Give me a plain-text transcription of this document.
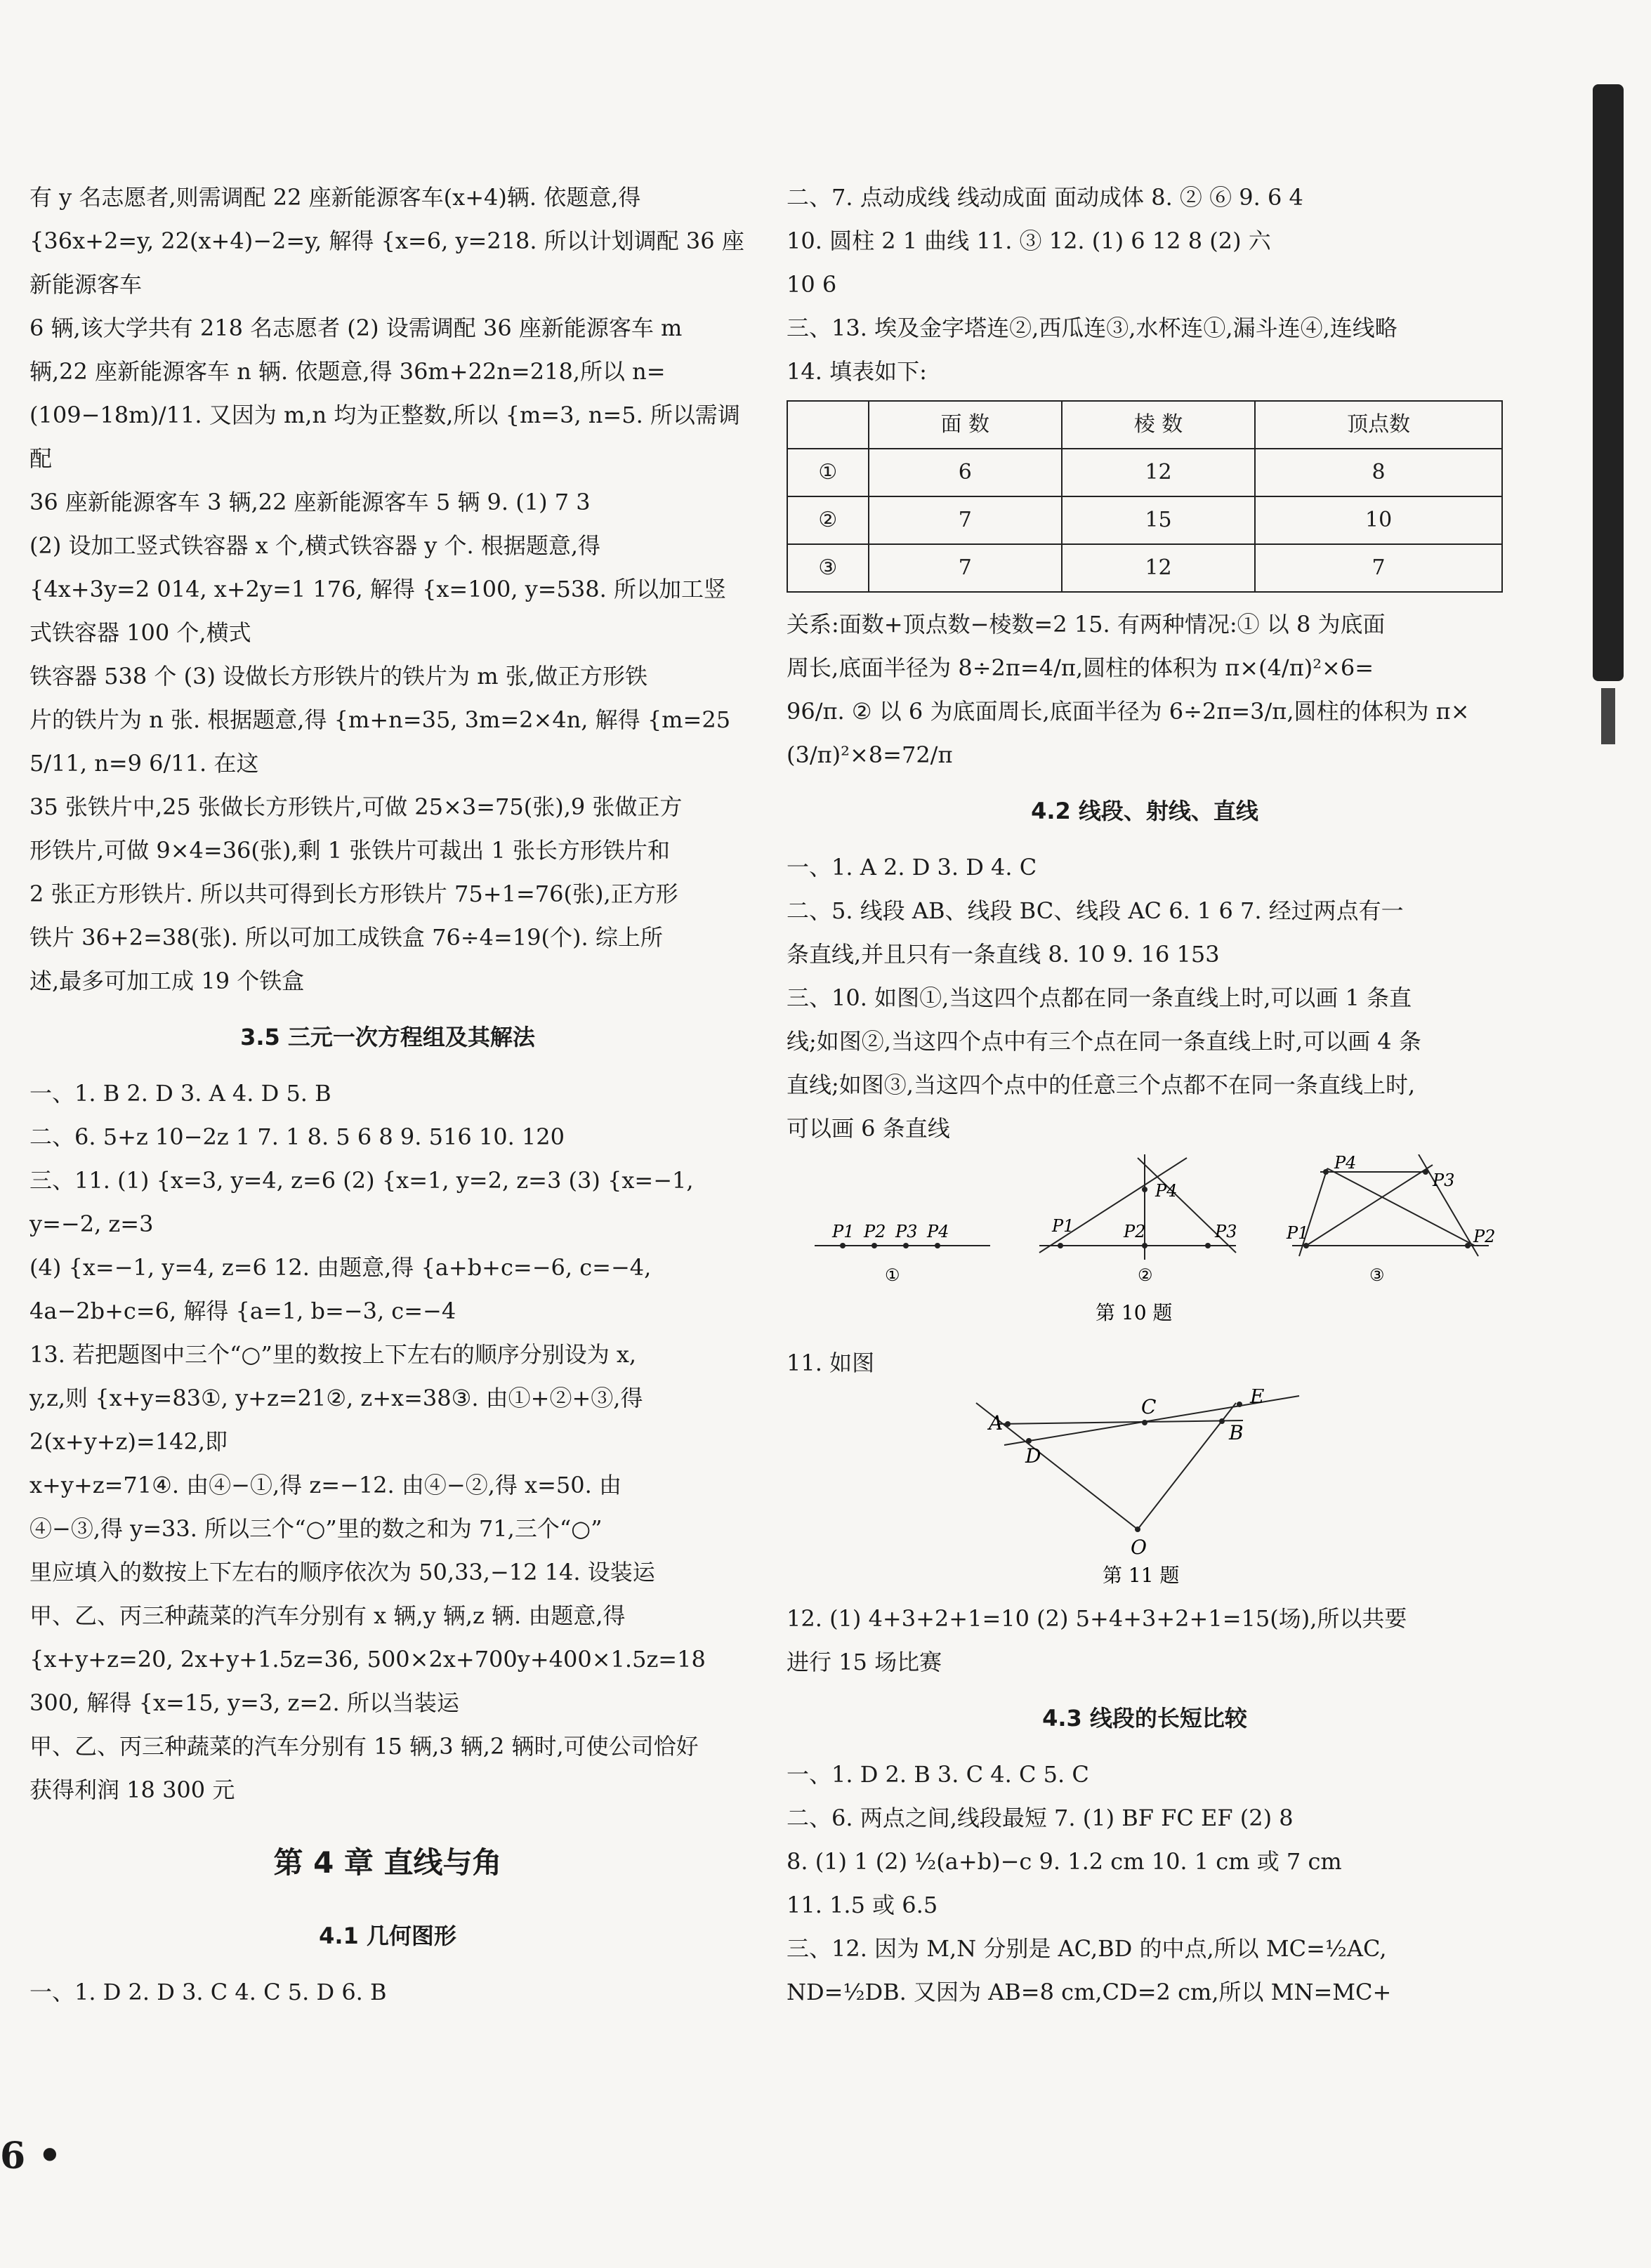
有 y 名志愿者,则需调配 22 座新能源客车(x+4)辆. 依题意,得

{36x+2=y, 22(x+4)−2=y, 解得 {x=6, y=218. 所以计划调配 36 座新能源客车

6 辆,该大学共有 218 名志愿者 (2) 设需调配 36 座新能源客车 m

辆,22 座新能源客车 n 辆. 依题意,得 36m+22n=218,所以 n=

(109−18m)/11. 又因为 m,n 均为正整数,所以 {m=3, n=5. 所以需调配

36 座新能源客车 3 辆,22 座新能源客车 5 辆 9. (1) 7 3

(2) 设加工竖式铁容器 x 个,横式铁容器 y 个. 根据题意,得

{4x+3y=2 014, x+2y=1 176, 解得 {x=100, y=538. 所以加工竖式铁容器 100 个,横式

铁容器 538 个 (3) 设做长方形铁片的铁片为 m 张,做正方形铁

片的铁片为 n 张. 根据题意,得 {m+n=35, 3m=2×4n, 解得 {m=25 5/11, n=9 6/11. 在这

35 张铁片中,25 张做长方形铁片,可做 25×3=75(张),9 张做正方

形铁片,可做 9×4=36(张),剩 1 张铁片可裁出 1 张长方形铁片和

2 张正方形铁片. 所以共可得到长方形铁片 75+1=76(张),正方形

铁片 36+2=38(张). 所以可加工成铁盒 76÷4=19(个). 综上所

述,最多可加工成 19 个铁盒

3.5 三元一次方程组及其解法

一、1. B 2. D 3. A 4. D 5. B

二、6. 5+z 10−2z 1 7. 1 8. 5 6 8 9. 516 10. 120

三、11. (1) {x=3, y=4, z=6 (2) {x=1, y=2, z=3 (3) {x=−1, y=−2, z=3

(4) {x=−1, y=4, z=6 12. 由题意,得 {a+b+c=−6, c=−4, 4a−2b+c=6, 解得 {a=1, b=−3, c=−4

13. 若把题图中三个“○”里的数按上下左右的顺序分别设为 x,

y,z,则 {x+y=83①, y+z=21②, z+x=38③. 由①+②+③,得 2(x+y+z)=142,即

x+y+z=71④. 由④−①,得 z=−12. 由④−②,得 x=50. 由

④−③,得 y=33. 所以三个“○”里的数之和为 71,三个“○”

里应填入的数按上下左右的顺序依次为 50,33,−12 14. 设装运

甲、乙、丙三种蔬菜的汽车分别有 x 辆,y 辆,z 辆. 由题意,得

{x+y+z=20, 2x+y+1.5z=36, 500×2x+700y+400×1.5z=18 300, 解得 {x=15, y=3, z=2. 所以当装运

甲、乙、丙三种蔬菜的汽车分别有 15 辆,3 辆,2 辆时,可使公司恰好

获得利润 18 300 元

第 4 章 直线与角

4.1 几何图形

一、1. D 2. D 3. C 4. C 5. D 6. B

二、7. 点动成线 线动成面 面动成体 8. ② ⑥ 9. 6 4

10. 圆柱 2 1 曲线 11. ③ 12. (1) 6 12 8 (2) 六

10 6

三、13. 埃及金字塔连②,西瓜连③,水杯连①,漏斗连④,连线略

14. 填表如下:

	面 数	棱 数	顶点数
①	6	12	8
②	7	15	10
③	7	12	7

关系:面数+顶点数−棱数=2 15. 有两种情况:① 以 8 为底面

周长,底面半径为 8÷2π=4/π,圆柱的体积为 π×(4/π)²×6=

96/π. ② 以 6 为底面周长,底面半径为 6÷2π=3/π,圆柱的体积为 π×

(3/π)²×8=72/π

4.2 线段、射线、直线

一、1. A 2. D 3. D 4. C

二、5. 线段 AB、线段 BC、线段 AC 6. 1 6 7. 经过两点有一

条直线,并且只有一条直线 8. 10 9. 16 153

三、10. 如图①,当这四个点都在同一条直线上时,可以画 1 条直

线;如图②,当这四个点中有三个点在同一条直线上时,可以画 4 条

直线;如图③,当这四个点中的任意三个点都不在同一条直线上时,

可以画 6 条直线

P1 P2 P3 P4
①
P1	P2	P3
P4
②
P1	P2
P3
P4
③
第 10 题

11. 如图

A	B
C
D
E
O
第 11 题

12. (1) 4+3+2+1=10 (2) 5+4+3+2+1=15(场),所以共要

进行 15 场比赛

4.3 线段的长短比较

一、1. D 2. B 3. C 4. C 5. C

二、6. 两点之间,线段最短 7. (1) BF FC EF (2) 8

8. (1) 1 (2) ½(a+b)−c 9. 1.2 cm 10. 1 cm 或 7 cm

11. 1.5 或 6.5

三、12. 因为 M,N 分别是 AC,BD 的中点,所以 MC=½AC,

ND=½DB. 又因为 AB=8 cm,CD=2 cm,所以 MN=MC+

6 •
